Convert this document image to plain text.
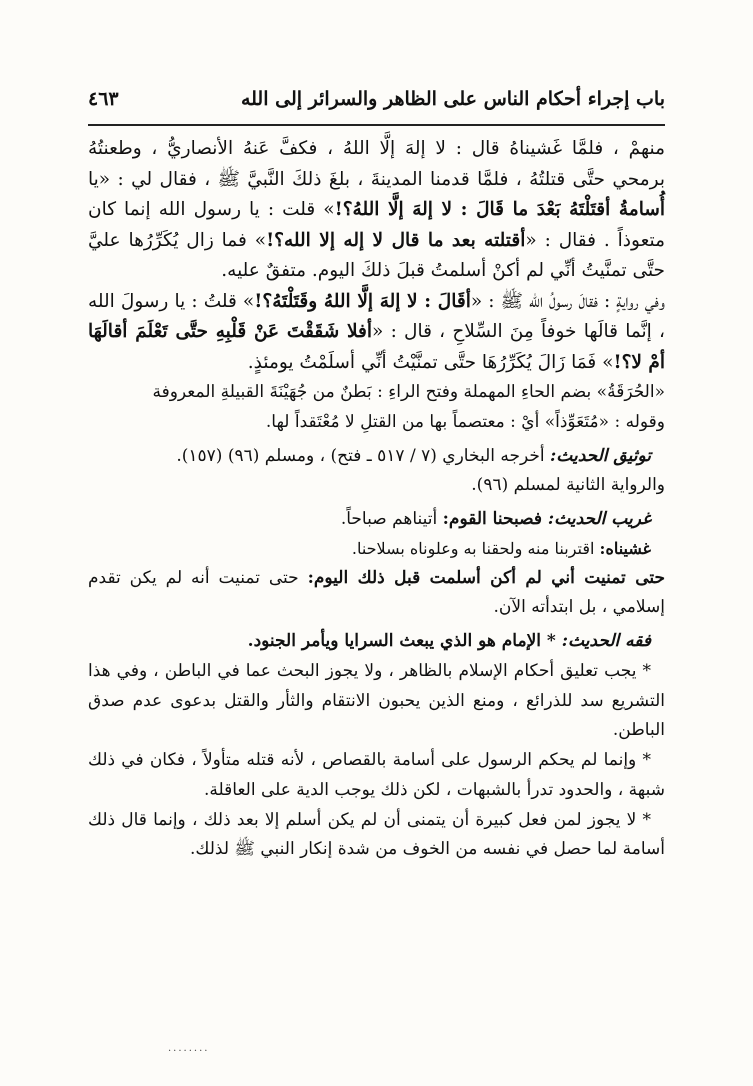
باب إجراء أحكام الناس على الظاهر والسرائر إلى الله
٤٦٣

منهمْ ، فلمَّا غَشيناهُ قال : لا إلهَ إلَّا اللهُ ، فكفَّ عَنهُ الأنصاريُّ ، وطعنتُهُ برمحي حتَّى قتلتُهُ ، فلمَّا قدمنا المدينةَ ، بلغَ ذلكَ النَّبيَّ ﷺ ، فقال لي : «يا أُسامةُ أقتَلْتَهُ بَعْدَ ما قَالَ : لا إلهَ إلَّا اللهُ؟!» قلت : يا رسول الله إنما كان متعوذاً . فقال : «أقتلته بعد ما قال لا إله إلا الله؟!» فما زال يُكَرِّرُها عليَّ حتَّى تمنَّيتُ أنِّي لم أكنْ أسلمتُ قبلَ ذلكَ اليوم. متفقٌ عليه.

وفي روايةٍ : فقالَ رسولُ الله ﷺ : «أقَالَ : لا إلهَ إلَّا اللهُ وقَتَلْتَهُ؟!» قلتُ : يا رسولَ الله ، إنَّما قالَها خوفاً مِنَ السِّلاحِ ، قال : «أفلا شَقَقْتَ عَنْ قَلْبِهِ حتَّى تَعْلَمَ أقالَهَا أمْ لا؟!» فَمَا زَالَ يُكَرِّرُهَا حتَّى تمنَّيْتُ أنِّي أسلَمْتُ يومئذٍ.

«الحُرَقَةُ» بضم الحاءِ المهملة وفتح الراءِ : بَطنٌ من جُهَيْنَةَ القبيلةِ المعروفة

وقوله : «مُتَعَوِّذاً» أيْ : معتصماً بها من القتلِ لا مُعْتَقداً لها.

توثيق الحديث: أخرجه البخاري (٧ / ٥١٧ ـ فتح) ، ومسلم (٩٦) (١٥٧).

والرواية الثانية لمسلم (٩٦).

غريب الحديث: فصبحنا القوم: أتيناهم صباحاً.

غشيناه: اقتربنا منه ولحقنا به وعلوناه بسلاحنا.

حتى تمنيت أني لم أكن أسلمت قبل ذلك اليوم: حتى تمنيت أنه لم يكن تقدم إسلامي ، بل ابتدأته الآن.

فقه الحديث: * الإمام هو الذي يبعث السرايا ويأمر الجنود.

* يجب تعليق أحكام الإسلام بالظاهر ، ولا يجوز البحث عما في الباطن ، وفي هذا التشريع سد للذرائع ، ومنع الذين يحبون الانتقام والثأر والقتل بدعوى عدم صدق الباطن.

* وإنما لم يحكم الرسول على أسامة بالقصاص ، لأنه قتله متأولاً ، فكان في ذلك شبهة ، والحدود تدرأ بالشبهات ، لكن ذلك يوجب الدية على العاقلة.

* لا يجوز لمن فعل كبيرة أن يتمنى أن لم يكن أسلم إلا بعد ذلك ، وإنما قال ذلك أسامة لما حصل في نفسه من الخوف من شدة إنكار النبي ﷺ لذلك.

........
